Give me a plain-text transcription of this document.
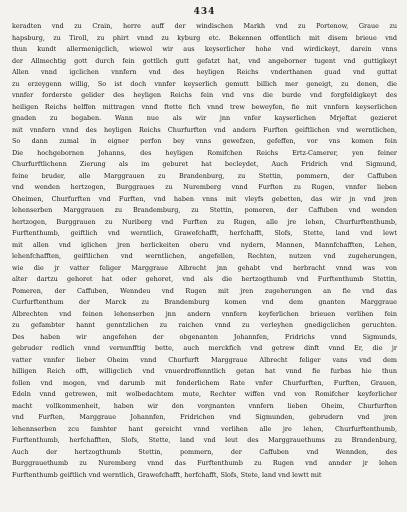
434
keradten vnd zu Crain, herre auff der windischen Markh vnd zu Portenow, Graue zu
hapsburg, zu Tiroll, zu phirt vnnd zu kyburg etc. Bekennen offentlich mit disem brieue vnd
thun kundt allermenigclich, wiewol wir aus keyserlicher hohe vnd wirdickeyt, darein vnns
der Allmechtig gott durch fein gottlich gutt gefatzt hat, vnd angeborner tugent vnd guttigkeyt
Allen vnnd igclichen vnnfern vnd des heyligen Reichs vnderthanen guad vnd guttat
zu erzeygenn willig, So ist doch vnnfer keyserlich gemutt billich mer geneigt, zu denen, die
vnnfer forderste gelider des heyligen Reichs fein vnd vns die burde vnd forgfeldigkeyt des
heiligen Reichs helffen mittragen vnnd ftette fich vnnd trew beweyfen, fie mit vnnfern keyserlichen
gnaden zu begaben. Wann nue als wir jnn vnfer kayserlichen Mrjeftat gezieret
mit vnnfern vnnd des heyligen Reichs Churfurften vnd andern Furften geiftlichen vnd werntlichen,
So dann zumal in eigner perfon bey vnns gewefzen, gefeffen, vor vns komen fein
Die hochgebornen Johanns, des heyligen Romifchen Reichs Ertz-Camerer, yen feiner
Churfurftlichenn Zierung als im geburet hat becleydet, Auch Fridrich vnd Sigmund,
feine bruder, alle Marggrauen zu Brandenburg, zu Stettin, pommern, der Caffuben
vnd wenden hertzogen, Burggraues zu Nuremberg vnnd Furften zu Rugen, vnnfer lieben
Oheimen, Churfurften vnd Furften, vnd haben vnns mit vleyfs gebetten, das wir jn vnd jren
lehenserben Marggrauen zu Brandemburg, zu Stettin, pomeren, der Caffuben vnd wenden
hertzogen, Burggrauen zu Nuriberg vnd Furften zu Rugen, alle jre lehen, Churfurftenthumb,
Furftenthumb, geiftlich vnd werntlich, Grawefchafft, herfchafft, Slofs, Stette, land vnd lewt
mit allen vnd iglichen jren herlickeiten oberu vnd nydern, Mannen, Mannfchafften, Lehen,
lehenfchafften, geiftlichen vnd werntlichen, angefellen, Rechten, nutzen vnd zugeherungen,
wie die jr vatter feliger Marggraue Albrecht jnn gehabt vnd herbracht vnnd was von
alter dartzu gehoret hat oder gehoret, vnd als die hertzogthumb vnd Furftenthumb Stettin,
Pomeren, der Caffuben, Wenndeu vnd Rugen mit jren zugeherungen an fie vnd das
Curfurftenthum der Marck zu Brandemburg komen vnd dem gnanten Marggraue
Albrechten vnd feinen lehenserben jnn andern vnnfern keyferlichen brieuen verlihen fein
zu gefambter hannt genntzlichen zu raichen vnnd zu verleyhen gnedigclichen geruchten.
Des haben wir angefehen der obgenanten Johannfen, Fridrichs vnnd Sigmunds,
gebruder redlich vnnd vernunfftig bette, auch merckfich vnd getrew dinft vnnd Er, die jr
vatter vnnfer lieber Oheim vnnd Churfurft Marggraue Albrecht feliger vans vnd dem
hilligen Reich offt, willigclich vnd vnuerdroffenntlich getan hat vnnd fie furbas hie thun
follen vnd mogen, vnd darumb mit fonderlichem Rate vnfer Churfurften, Furften, Grauen,
Edeln vnnd getrewen, mit wolbedachtem mute, Rechter wiffen vnd von Romifcher keyferlicher
macht vollkommenheit, haben wir den vorgnanten vnnfern lieben Oheim, Churfurften
vnd Furften, Marggraue Johannfen, Fridrichen vnd Sigmunden, gebrudern vnd jren
lehennserben zcu famhter hant gereicht vnnd verlihen alle jre lehen, Churfurftenthumb,
Furftenthumb, herfchafften, Slofs, Stette, land vnd leut des Marggrauethums zu Brandenburg,
Auch der hertzogthumb Stettin, pommern, der Caffuben vnd Wennden, des
Burggrauethumb zu Nuremberg vnnd das Furftenthumb zu Rugen vnd annder jr lehen
Furftenthumb geiftlich vnd werntlich, Grawefchafft, herfchafft, Slofs, Stete, land vnd lewtt mit
